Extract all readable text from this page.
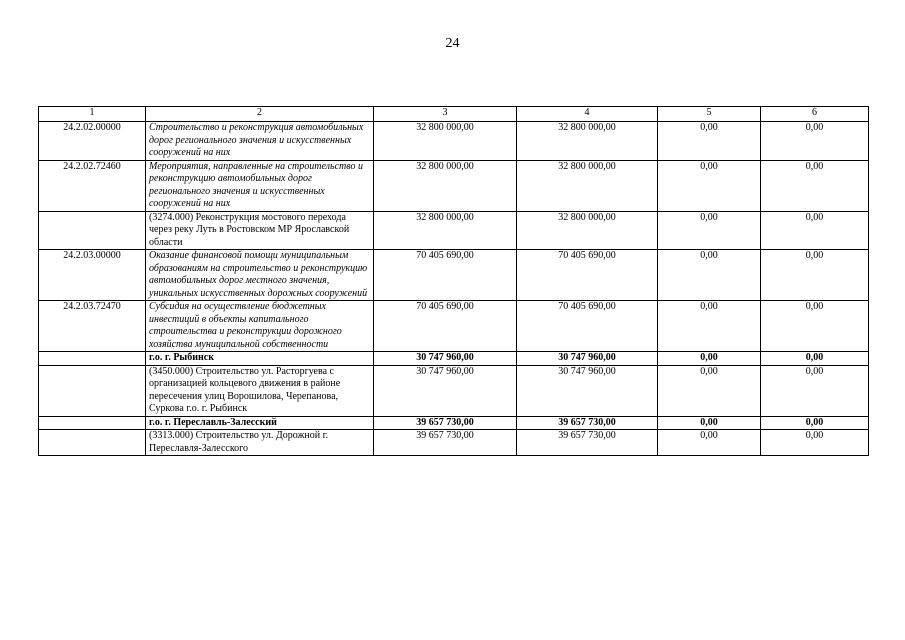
24
1	2	3	4	5	6
24.2.02.00000	Строительство и реконструкция автомобильных дорог регионального значения и искусственных сооружений на них	32 800 000,00	32 800 000,00	0,00	0,00
24.2.02.72460	Мероприятия, направленные на строительство и реконструкцию автомобильных дорог регионального значения и искусственных сооружений на них	32 800 000,00	32 800 000,00	0,00	0,00
	(3274.000) Реконструкция мостового перехода через реку Луть в Ростовском МР Ярославской области	32 800 000,00	32 800 000,00	0,00	0,00
24.2.03.00000	Оказание финансовой помощи муниципальным образованиям на строительство и реконструкцию автомобильных дорог местного значения, уникальных искусственных дорожных сооружений	70 405 690,00	70 405 690,00	0,00	0,00
24.2.03.72470	Субсидия на осуществление бюджетных инвестиций в объекты капитального строительства и реконструкции дорожного хозяйства муниципальной собственности	70 405 690,00	70 405 690,00	0,00	0,00
	г.о. г. Рыбинск	30 747 960,00	30 747 960,00	0,00	0,00
	(3450.000) Строительство ул. Расторгуева с организацией кольцевого движения в районе пересечения улиц Ворошилова, Черепанова, Суркова г.о. г. Рыбинск	30 747 960,00	30 747 960,00	0,00	0,00
	г.о. г. Переславль-Залесский	39 657 730,00	39 657 730,00	0,00	0,00
	(3313.000) Строительство ул. Дорожной г. Переславля-Залесского	39 657 730,00	39 657 730,00	0,00	0,00
